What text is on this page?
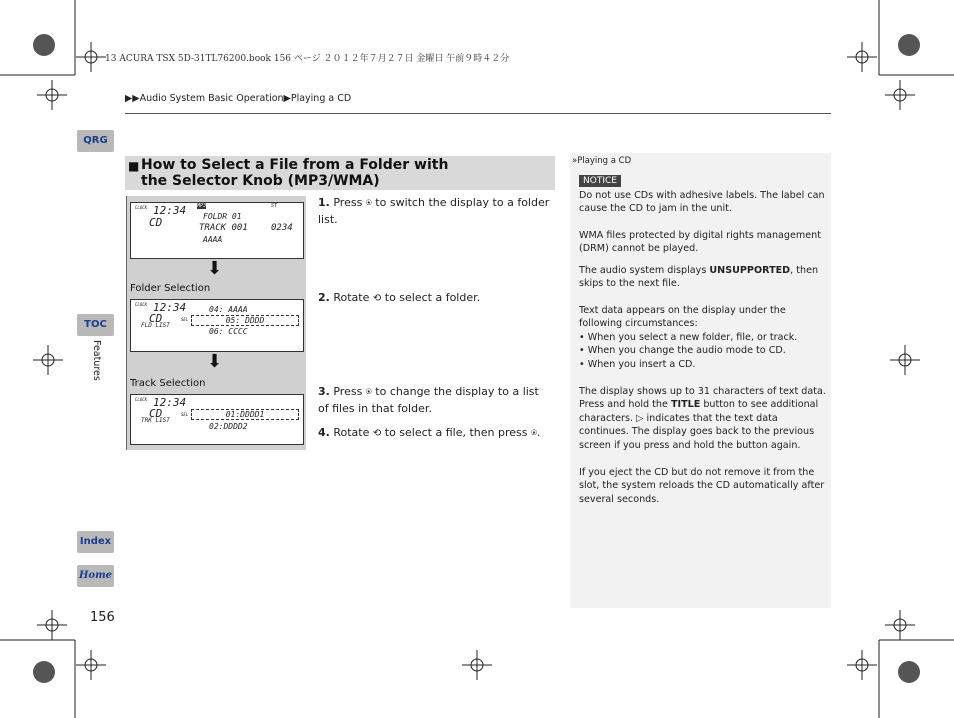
13 ACURA TSX 5D-31TL76200.book 156 ページ ２０１２年７月２７日 金曜日 午前９時４２分
▶▶Audio System Basic Operation▶Playing a CD
QRG
TOC
Index
Home
Features
156
■ How to Select a File from a Folder with
the Selector Knob (MP3/WMA)
CLOCK 12:34
CD
MP3	ST
FOLDR 01
TRACK 001	0234
AAAA
⬇
Folder Selection
CLOCK 12:34
CD
FLD LIST
SEL
04: AAAA
05: DDDD
06: CCCC
⬇
Track Selection
CLOCK 12:34
CD
TRK LIST
SEL	01:DDDD1
02:DDDD2
1. Press ⍟ to switch the display to a folder list.
2. Rotate ⟲ to select a folder.
3. Press ⍟ to change the display to a list of files in that folder.
4. Rotate ⟲ to select a file, then press ⍟.

»Playing a CD

NOTICE

Do not use CDs with adhesive labels. The label can cause the CD to jam in the unit.

WMA files protected by digital rights management (DRM) cannot be played.

The audio system displays UNSUPPORTED, then skips to the next file.

Text data appears on the display under the following circumstances:

• When you select a new folder, file, or track.

• When you change the audio mode to CD.

• When you insert a CD.

The display shows up to 31 characters of text data. Press and hold the TITLE button to see additional characters. ▷ indicates that the text data continues. The display goes back to the previous screen if you press and hold the button again.

If you eject the CD but do not remove it from the slot, the system reloads the CD automatically after several seconds.
